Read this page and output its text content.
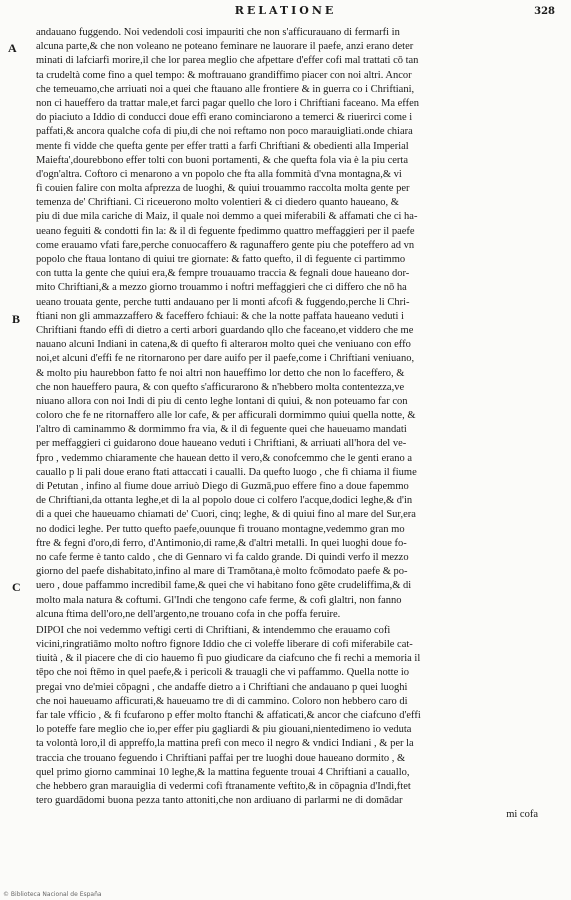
RELATIONE	328
A
B
C
andauano fuggendo. Noi vedendoli cosi impauriti che non s'afficurauano di fermarfi in
alcuna parte,& che non voleano ne poteano feminare ne lauorare il paefe, anzi erano deter
minati di lafciarfi morire,il che lor parea meglio che afpettare d'effer cofi mal trattati cō tan
ta crudeltà come fino a quel tempo: & moftrauano grandiffimo piacer con noi altri. Ancor
che temeuamo,che arriuati noi a quei che ftauano alle frontiere & in guerra co i Chriftiani,
non ci haueffero da trattar male,et farci pagar quello che loro i Chriftiani faceano. Ma effen
do piaciuto a Iddio di conducci doue effi erano cominciarono a temerci & riuerirci come i
paffati,& ancora qualche cofa di piu,di che noi reftamo non poco marauigliati.onde chiara
mente fi vidde che quefta gente per effer tratti a farfi Chriftiani & obedienti alla Imperial
Maiefta',dourebbono effer tolti con buoni portamenti, & che quefta fola via è la piu certa
d'ogn'altra. Coftoro ci menarono a vn popolo che fta alla fommità d'vna montagna,& vi
fi couien falire con molta afprezza de luoghi, & quiui trouammo raccolta molta gente per
temenza de' Chriftiani. Ci riceuerono molto volentieri & ci diedero quanto haueano, &
piu di due mila cariche di Maiz, il quale noi demmo a quei miferabili & affamati che ci ha-
ueano feguiti & condotti fin la: & il dì feguente fpedimmo quattro meffaggieri per il paefe
come erauamo vfati fare,perche conuocaffero & ragunaffero gente piu che poteffero ad vn
popolo che ftaua lontano di quiui tre giornate: & fatto quefto, il dì feguente ci partimmo
con tutta la gente che quiui era,& fempre trouauamo traccia & fegnali doue haueano dor-
mito Chriftiani,& a mezzo giorno trouammo i noftri meffaggieri che ci differo che nō ha
ueano trouata gente, perche tutti andauano per li monti afcofi & fuggendo,perche li Chri-
ftiani non gli ammazzaffero & faceffero fchiaui: & che la notte paffata haueano veduti i
Chriftiani ftando effi di dietro a certi arbori guardando qllo che faceano,et viddero che me
nauano alcuni Indiani in catena,& di quefto fi alterarон molto quei che veniuano con effo
noi,et alcuni d'effi fe ne ritornarono per dare auifo per il paefe,come i Chriftiani veniuano,
& molto piu haurebbon fatto fe noi altri non haueffimo lor detto che non lo faceffero, &
che non haueffero paura, & con quefto s'afficurarono & n'hebbero molta contentezza,ve
niuano allora con noi Indi di piu di cento leghe lontani di quiui, & non poteuamo far con
coloro che fe ne ritornaffero alle lor cafe, & per afficurali dormimmo quiui quella notte, &
l'altro dì caminammo & dormimmo fra via, & il dì feguente quei che haueuamo mandati
per meffaggieri ci guidarono doue haueano veduti i Chriftiani, & arriuati all'hora del ve-
fpro , vedemmo chiaramente che hauean detto il vero,& conofcemmo che le genti erano a
cauallo p li pali doue erano ftati attaccati i caualli. Da quefto luogo , che fi chiama il fiume
di Petutan , infino al fiume doue arriuò Diego di Guzmā,puo effere fino a doue fapemmo
de Chriftiani,da ottanta leghe,et di la al popolo doue ci colfero l'acque,dodici leghe,& d'in
di a quei che haueuamo chiamati de' Cuori, cinq; leghe, & di quiui fino al mare del Sur,era
no dodici leghe. Per tutto quefto paefe,ouunque fi trouano montagne,vedemmo gran mo
ftre & fegni d'oro,di ferro, d'Antimonio,di rame,& d'altri metalli. In quei luoghi doue fo-
no cafe ferme è tanto caldo , che di Gennaro vi fa caldo grande. Di quindi verfo il mezzo
giorno del paefe dishabitato,infino al mare di Tramōtana,è molto fcōmodato paefe & po-
uero , doue paffammo incredibil fame,& quei che vi habitano fono gēte crudeliffima,& di
molto mala natura & coftumi. Gl'Indi che tengono cafe ferme, & cofi glaltri, non fanno
alcuna ftima dell'oro,ne dell'argento,ne trouano cofa in che poffa feruire.
DIPOI che noi vedemmo veftigi certi di Chriftiani, & intendemmo che erauamo cofi
vicini,ringratiāmo molto noftro fignore Iddio che ci voleffe liberare di cofi miferabile cat-
tiuità , & il piacere che di cio hauemo fi puo giudicare da ciafcuno che fi rechi a memoria il
tēpo che noi ftēmo in quel paefe,& i pericoli & trauagli che vi paffammo. Quella notte io
pregai vno de'miei cōpagni , che andaffe dietro a i Chriftiani che andauano p quei luoghi
che noi haueuamo afficurati,& haueuamo tre dì di cammino. Coloro non hebbero caro di
far tale vfficio , & fi fcufarono p effer molto ftanchi & affaticati,& ancor che ciafcuno d'effi
lo poteffe fare meglio che io,per effer piu gagliardi & piu giouani,nientedimeno io veduta
ta volontà loro,il dì appreffo,la mattina prefi con meco il negro & vndici Indiani , & per la
traccia che trouano feguendo i Chriftiani paffai per tre luoghi doue haueano dormito , &
quel primo giorno camminai 10 leghe,& la mattina feguente trouai 4 Chriftiani a cauallo,
che hebbero gran marauiglia di vedermi cofi ftranamente veftito,& in cōpagnia d'Indi,ftet
tero guardādomi buona pezza tanto attoniti,che non ardiuano di parlarmi ne di domādar
mi cofa
© Biblioteca Nacional de España
